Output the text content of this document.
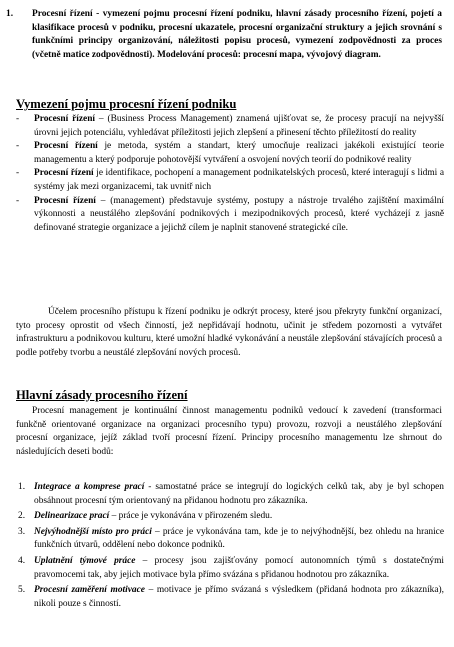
1. Procesní řízení - vymezení pojmu procesní řízení podniku, hlavní zásady procesního řízení, pojetí a klasifikace procesů v podniku, procesní ukazatele, procesní organizační struktury a jejich srovnání s funkčními principy organizování, náležitosti popisu procesů, vymezení zodpovědnosti za proces (včetně matice zodpovědnosti). Modelování procesů: procesní mapa, vývojový diagram.
Vymezení pojmu procesní řízení podniku
- Procesní řízení – (Business Process Management) znamená ujišťovat se, že procesy pracují na nejvyšší úrovni jejich potenciálu, vyhledávat příležitosti jejich zlepšení a přinesení těchto příležitostí do reality
- Procesní řízení je metoda, systém a standart, který umocňuje realizaci jakékoli existující teorie managementu a který podporuje pohotovější vytváření a osvojení nových teorií do podnikové reality
- Procesní řízení je identifikace, pochopení a management podnikatelských procesů, které interagují s lidmi a systémy jak mezi organizacemi, tak uvnitř nich
- Procesní řízení – (management) představuje systémy, postupy a nástroje trvalého zajištění maximální výkonnosti a neustálého zlepšování podnikových i mezipodnikových procesů, které vycházejí z jasně definované strategie organizace a jejichž cílem je naplnit stanovené strategické cíle.
Účelem procesního přístupu k řízení podniku je odkrýt procesy, které jsou překryty funkční organizací, tyto procesy oprostit od všech činností, jež nepřidávají hodnotu, učinit je středem pozornosti a vytvářet infrastrukturu a podnikovou kulturu, které umožní hladké vykonávání a neustále zlepšování stávajících procesů a podle potřeby tvorbu a neustálé zlepšování nových procesů.
Hlavní zásady procesního řízení
Procesní management je kontinuální činnost managementu podniků vedoucí k zavedení (transformaci funkčně orientované organizace na organizaci procesního typu) provozu, rozvoji a neustálého zlepšování procesní organizace, jejíž základ tvoří procesní řízení. Principy procesního managementu lze shrnout do následujících deseti bodů:
1. Integrace a komprese prací - samostatné práce se integrují do logických celků tak, aby je byl schopen obsáhnout procesní tým orientovaný na přidanou hodnotu pro zákazníka.
2. Delinearizace prací – práce je vykonávána v přirozeném sledu.
3. Nejvýhodnější místo pro práci – práce je vykonávána tam, kde je to nejvýhodnější, bez ohledu na hranice funkčních útvarů, oddělení nebo dokonce podniků.
4. Uplatnění týmové práce – procesy jsou zajišťovány pomocí autonomních týmů s dostatečnými pravomocemi tak, aby jejich motivace byla přímo svázána s přidanou hodnotou pro zákazníka.
5. Procesní zaměření motivace – motivace je přímo svázaná s výsledkem (přidaná hodnota pro zákazníka), nikoli pouze s činností.
